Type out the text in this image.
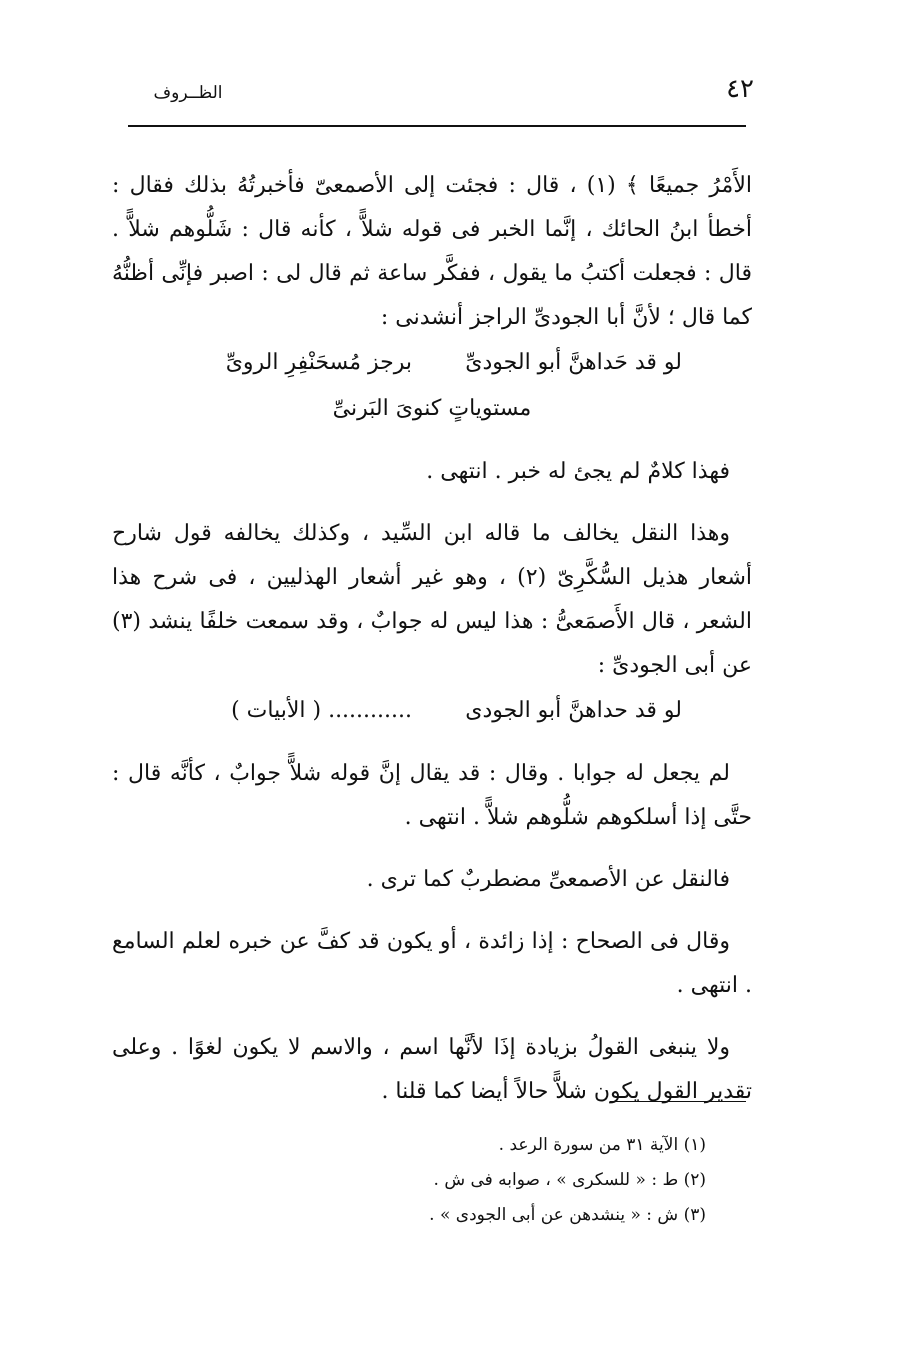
٤٢
الظــروف

الأَمْرُ جميعًا ﴾ (١) ، قال : فجئت إلى الأصمعىّ فأخبرتُهُ بذلك فقال : أخطأ ابنُ الحائك ، إنَّما الخبر فى قوله شلاًّ ، كأنه قال : شَلُّوهم شلاًّ . قال : فجعلت أكتبُ ما يقول ، ففكَّر ساعة ثم قال لى : اصبر فإنِّى أظنُّهُ كما قال ؛ لأنَّ أبا الجودىِّ الراجز أنشدنى :

لو قد حَداهنَّ أبو الجودىِّ
برجز مُسحَنْفِرِ الروىِّ
مستوياتٍ كنوىَ البَرنىِّ

فهذا كلامٌ لم يجئ له خبر . انتهى .

وهذا النقل يخالف ما قاله ابن السِّيد ، وكذلك يخالفه قول شارح أشعار هذيل السُّكَّرِىّ (٢) ، وهو غير أشعار الهذليين ، فى شرح هذا الشعر ، قال الأَصمَعىُّ : هذا ليس له جوابٌ ، وقد سمعت خلفًا ينشد (٣) عن أبى الجودىِّ :

لو قد حداهنَّ أبو الجودى
............ ( الأبيات )

لم يجعل له جوابا . وقال : قد يقال إنَّ قوله شلاًّ جوابٌ ، كأنَّه قال : حتَّى إذا أسلكوهم شلُّوهم شلاًّ . انتهى .

فالنقل عن الأصمعىِّ مضطربٌ كما ترى .

وقال فى الصحاح : إذا زائدة ، أو يكون قد كفَّ عن خبره لعلم السامع . انتهى .

ولا ينبغى القولُ بزيادة إذَا لأنَّها اسم ، والاسم لا يكون لغوًا . وعلى تقدير القول يكون شلاًّ حالاً أيضا كما قلنا .

(١) الآية ٣١ من سورة الرعد .
(٢) ط : « للسكرى » ، صوابه فى ش .
(٣) ش : « ينشدهن عن أبى الجودى » .
